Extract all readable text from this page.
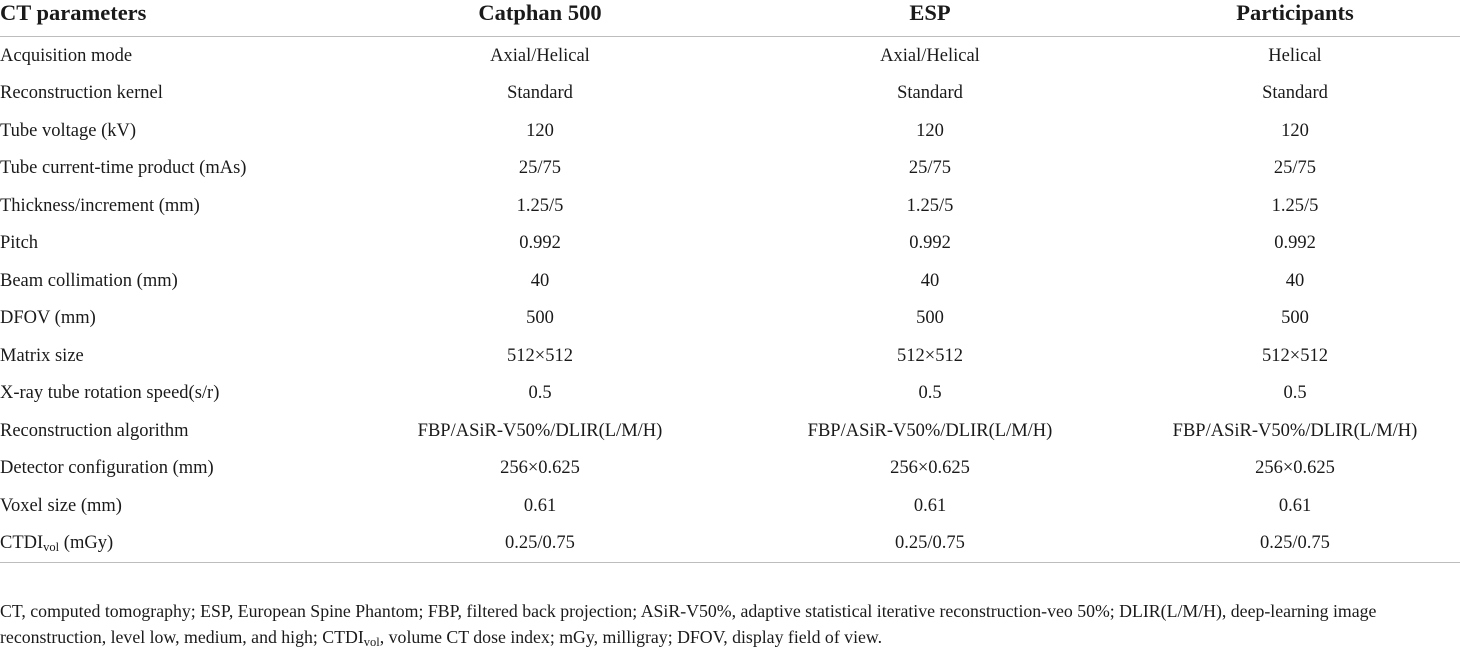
CT parameters	Catphan 500	ESP	Participants
Acquisition mode	Axial/Helical	Axial/Helical	Helical
Reconstruction kernel	Standard	Standard	Standard
Tube voltage (kV)	120	120	120
Tube current-time product (mAs)	25/75	25/75	25/75
Thickness/increment (mm)	1.25/5	1.25/5	1.25/5
Pitch	0.992	0.992	0.992
Beam collimation (mm)	40	40	40
DFOV (mm)	500	500	500
Matrix size	512×512	512×512	512×512
X-ray tube rotation speed(s/r)	0.5	0.5	0.5
Reconstruction algorithm	FBP/ASiR-V50%/DLIR(L/M/H)	FBP/ASiR-V50%/DLIR(L/M/H)	FBP/ASiR-V50%/DLIR(L/M/H)
Detector configuration (mm)	256×0.625	256×0.625	256×0.625
Voxel size (mm)	0.61	0.61	0.61
$CTDI_{vol}$ (mGy)	0.25/0.75	0.25/0.75	0.25/0.75
CT, computed tomography; ESP, European Spine Phantom; FBP, filtered back projection; ASiR-V50%, adaptive statistical iterative reconstruction-veo 50%; DLIR(L/M/H), deep-learning image reconstruction, level low, medium, and high; $CTDI_{vol}$, volume CT dose index; mGy, milligray; DFOV, display field of view.
